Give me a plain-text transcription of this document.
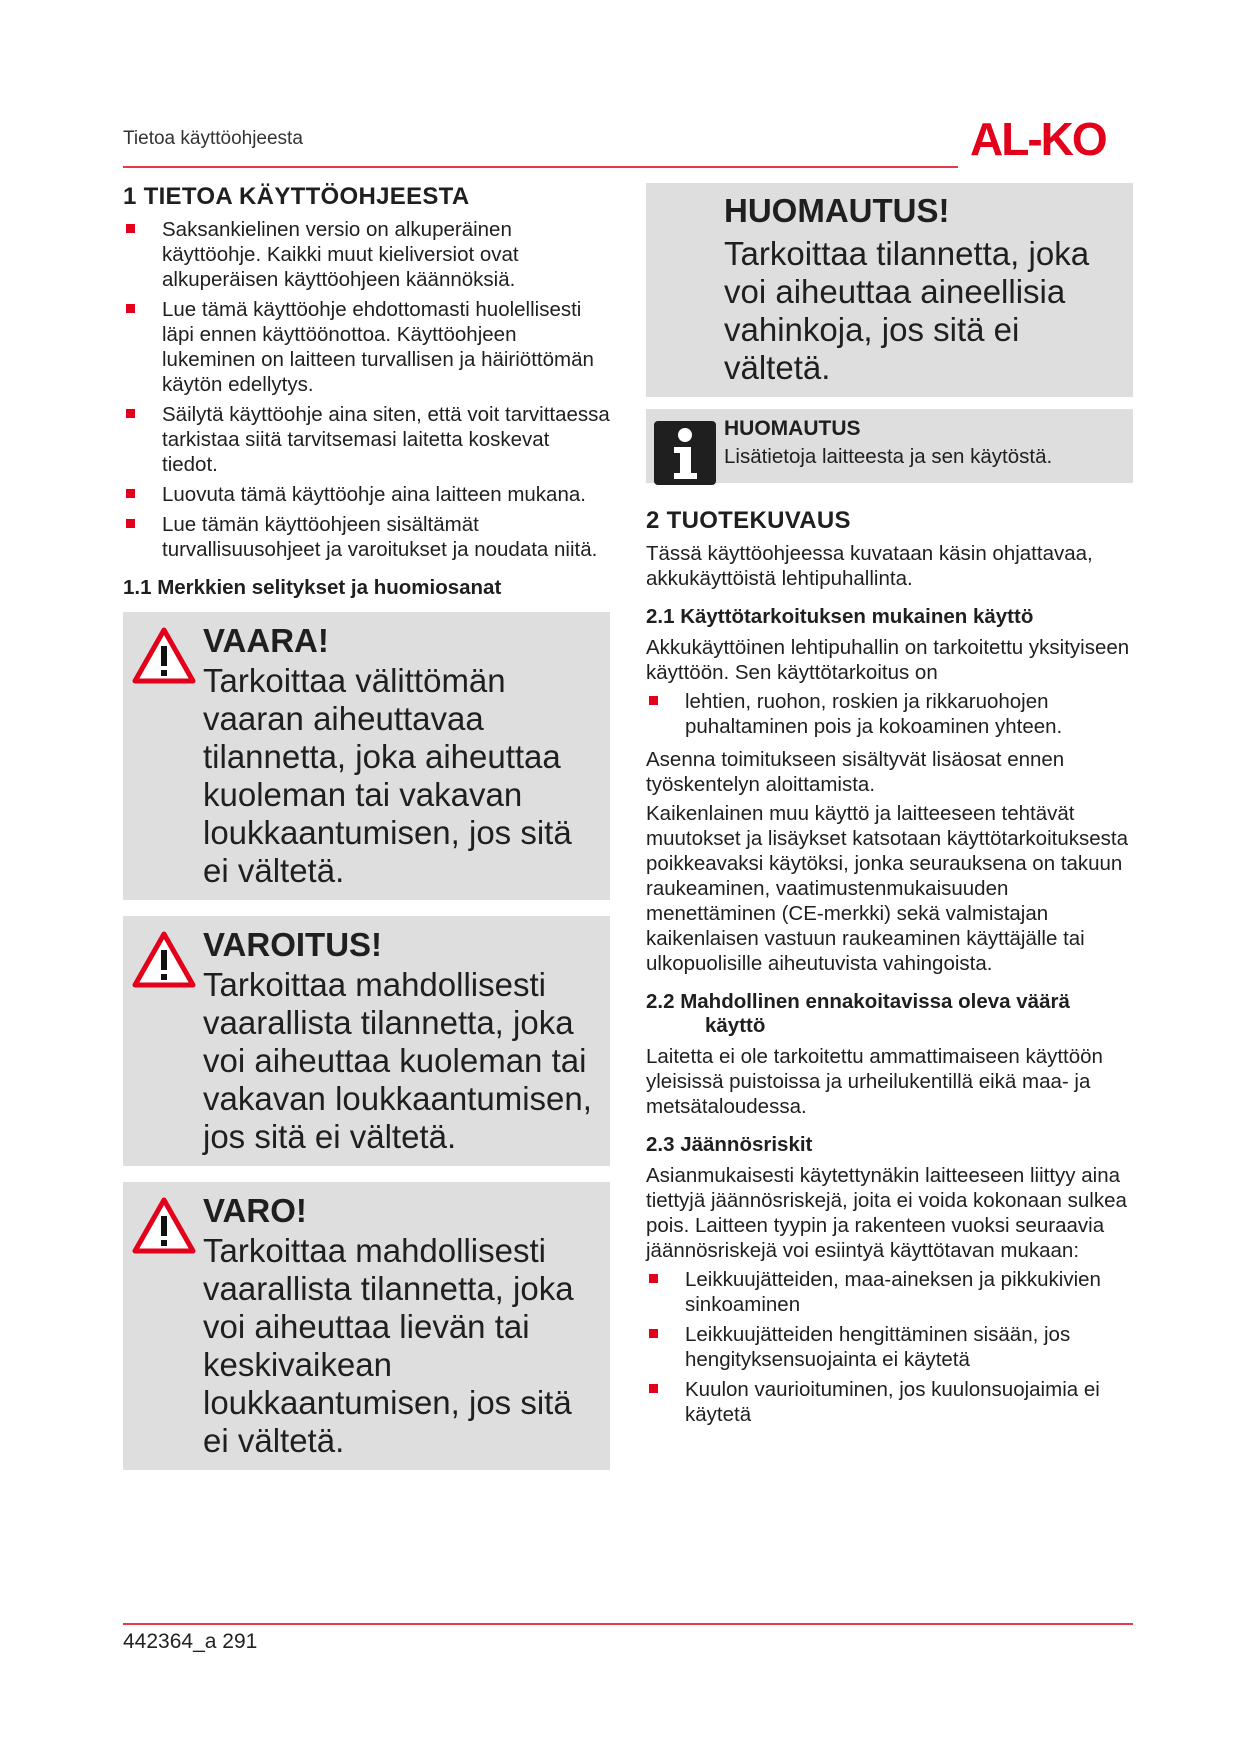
Tietoa käyttöohjeesta	AL-KO
1 TIETOA KÄYTTÖOHJEESTA
Saksankielinen versio on alkuperäinen käyttöohje. Kaikki muut kieliversiot ovat alkuperäisen käyttöohjeen käännöksiä.
Lue tämä käyttöohje ehdottomasti huolellisesti läpi ennen käyttöönottoa. Käyttöohjeen lukeminen on laitteen turvallisen ja häiriöttömän käytön edellytys.
Säilytä käyttöohje aina siten, että voit tarvittaessa tarkistaa siitä tarvitsemasi laitetta koskevat tiedot.
Luovuta tämä käyttöohje aina laitteen mukana.
Lue tämän käyttöohjeen sisältämät turvallisuusohjeet ja varoitukset ja noudata niitä.
1.1 Merkkien selitykset ja huomiosanat

VAARA!

Tarkoittaa välittömän vaaran aiheuttavaa tilannetta, joka aiheuttaa kuoleman tai vakavan loukkaantumisen, jos sitä ei vältetä.

VAROITUS!

Tarkoittaa mahdollisesti vaarallista tilannetta, joka voi aiheuttaa kuoleman tai vakavan loukkaantumisen, jos sitä ei vältetä.

VARO!

Tarkoittaa mahdollisesti vaarallista tilannetta, joka voi aiheuttaa lievän tai keskivaikean loukkaantumisen, jos sitä ei vältetä.

HUOMAUTUS!

Tarkoittaa tilannetta, joka voi aiheuttaa aineellisia vahinkoja, jos sitä ei vältetä.

HUOMAUTUS

Lisätietoja laitteesta ja sen käytöstä.

2 TUOTEKUVAUS

Tässä käyttöohjeessa kuvataan käsin ohjattavaa, akkukäyttöistä lehtipuhallinta.

2.1 Käyttötarkoituksen mukainen käyttö

Akkukäyttöinen lehtipuhallin on tarkoitettu yksityiseen käyttöön. Sen käyttötarkoitus on

lehtien, ruohon, roskien ja rikkaruohojen puhaltaminen pois ja kokoaminen yhteen.

Asenna toimitukseen sisältyvät lisäosat ennen työskentelyn aloittamista.

Kaikenlainen muu käyttö ja laitteeseen tehtävät muutokset ja lisäykset katsotaan käyttötarkoituksesta poikkeavaksi käytöksi, jonka seurauksena on takuun raukeaminen, vaatimustenmukaisuuden menettäminen (CE-merkki) sekä valmistajan kaikenlaisen vastuun raukeaminen käyttäjälle tai ulkopuolisille aiheutuvista vahingoista.

2.2 Mahdollinen ennakoitavissa oleva väärä käyttö

Laitetta ei ole tarkoitettu ammattimaiseen käyttöön yleisissä puistoissa ja urheilukentillä eikä maa- ja metsätaloudessa.

2.3 Jäännösriskit

Asianmukaisesti käytettynäkin laitteeseen liittyy aina tiettyjä jäännösriskejä, joita ei voida kokonaan sulkea pois. Laitteen tyypin ja rakenteen vuoksi seuraavia jäännösriskejä voi esiintyä käyttötavan mukaan:

Leikkuujätteiden, maa-aineksen ja pikkukivien sinkoaminen
Leikkuujätteiden hengittäminen sisään, jos hengityksensuojainta ei käytetä
Kuulon vaurioituminen, jos kuulonsuojaimia ei käytetä
442364_a 291
